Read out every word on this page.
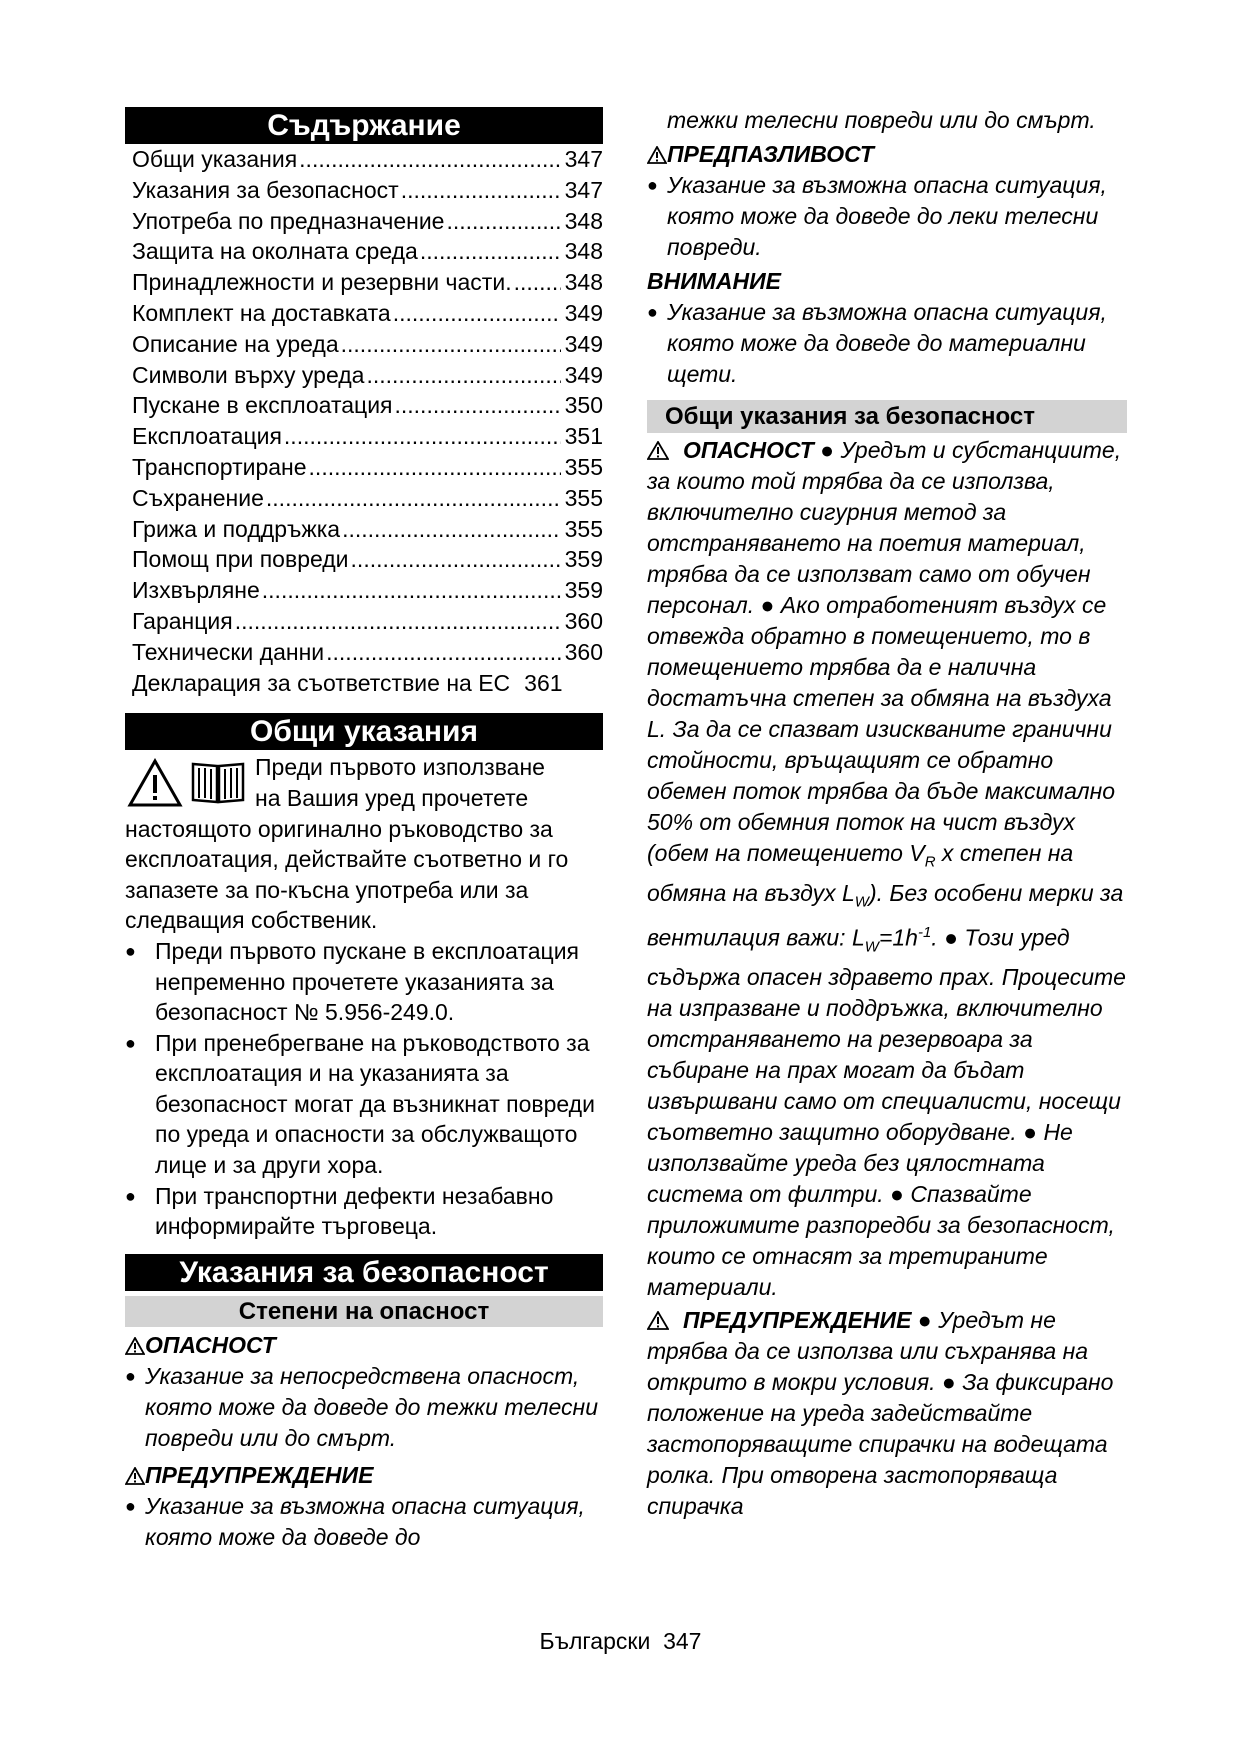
Съдържание
Общи указания .....	347
Указания за безопасност .....	347
Употреба по предназначение .....	348
Защита на околната среда .....	348
Принадлежности и резервни части. ..... 348
Комплект на доставката .....	349
Описание на уреда .....	349
Символи върху уреда .....	349
Пускане в експлоатация .....	350
Експлоатация .....	351
Транспортиране .....	355
Съхранение .....	355
Грижа и поддръжка .....	355
Помощ при повреди .....	359
Изхвърляне .....	359
Гаранция .....	360
Технически данни .....	360
Декларация за съответствие на ЕС 361
Общи указания
Преди първото използване
на Вашия уред прочетете
настоящото оригинално ръководство за експлоатация, действайте съответно и го запазете за по-късна употреба или за следващия собственик.
● Преди първото пускане в експлоатация непременно прочетете указанията за безопасност № 5.956-249.0.
● При пренебрегване на ръководството за експлоатация и на указанията за безопасност могат да възникнат повреди по уреда и опасности за обслужващото лице и за други хора.
● При транспортни дефекти незабавно информирайте търговеца.
Указания за безопасност
Степени на опасност
ОПАСНОСТ
● Указание за непосредствена опасност, която може да доведе до тежки телесни повреди или до смърт.
ПРЕДУПРЕЖДЕНИЕ
● Указание за възможна опасна ситуация, която може да доведе до
тежки телесни повреди или до смърт.
ПРЕДПАЗЛИВОСТ
● Указание за възможна опасна ситуация, която може да доведе до леки телесни повреди.
ВНИМАНИЕ
● Указание за възможна опасна ситуация, която може да доведе до материални щети.
Общи указания за безопасност
ОПАСНОСТ ● Уредът и субстанциите, за които той трябва да се използва, включително сигурния метод за отстраняването на поетия материал, трябва да се използват само от обучен персонал. ● Ако отработеният въздух се отвежда обратно в помещението, то в помещението трябва да е налична достатъчна степен за обмяна на въздуха L. За да се спазват изискваните гранични стойности, връщащият се обратно обемен поток трябва да бъде максимално 50% от обемния поток на чист въздух (обем на помещението $V_R$ х степен на обмяна на въздух $L_W$). Без особени мерки за вентилация важи: $L_W=1h^{-1}$. ● Този уред съдържа опасен здравето прах. Процесите на изпразване и поддръжка, включително отстраняването на резервоара за събиране на прах могат да бъдат извършвани само от специалисти, носещи съответно защитно оборудване. ● Не използвайте уреда без цялостната система от филтри. ● Спазвайте приложимите разпоредби за безопасност, които се отнасят за третираните материали.
ПРЕДУПРЕЖДЕНИЕ ● Уредът не трябва да се използва или съхранява на открито в мокри условия. ● За фиксирано положение на уреда задействайте застопоряващите спирачки на водещата ролка. При отворена застопоряваща спирачка
Български 347
